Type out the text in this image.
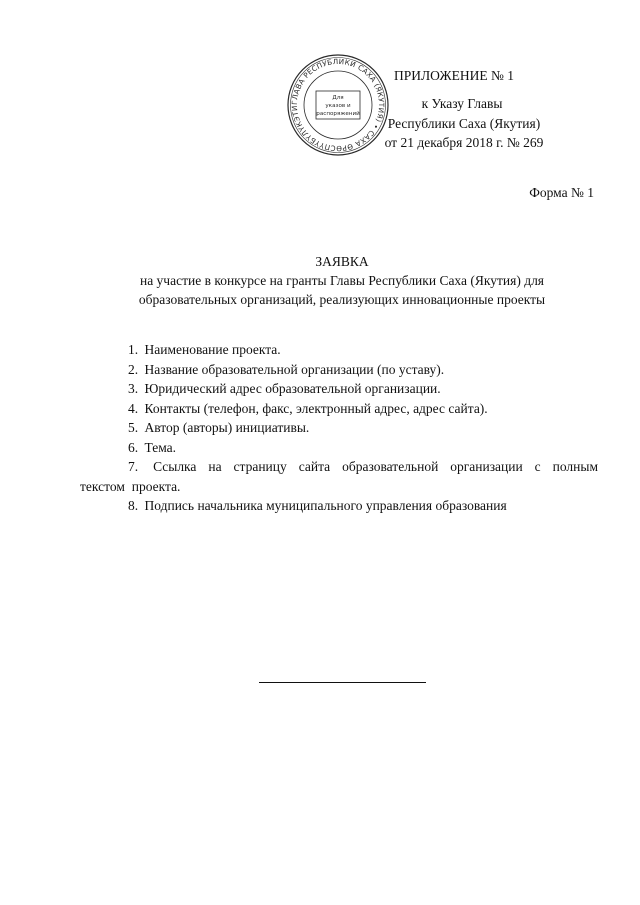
ГЛАВА РЕСПУБЛИКИ САХА (ЯКУТИЯ) • САХА ӨРӨСПҮҮБҮЛҮКЭТИ
Для
указов и
распоряжений
ПРИЛОЖЕНИЕ № 1
к Указу Главы
Республики Саха (Якутия)
от 21 декабря 2018 г. № 269
Форма № 1
ЗАЯВКА
на участие в конкурсе на гранты Главы Республики Саха (Якутия) для
образовательных организаций, реализующих инновационные проекты
1. Наименование проекта.
2. Название образовательной организации (по уставу).
3. Юридический адрес образовательной организации.
4. Контакты (телефон, факс, электронный адрес, адрес сайта).
5. Автор (авторы) инициативы.
6. Тема.
7. Ссылка на страницу сайта образовательной организации с полным текстом проекта.
8. Подпись начальника муниципального управления образования
